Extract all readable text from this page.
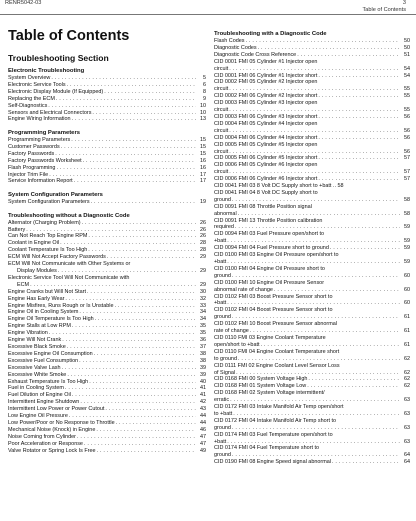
RENR5042-03	3
Table of Contents
Table of Contents
Troubleshooting Section
Electronic Troubleshooting
System Overview . . .	5
Electronic Service Tools . . .	6
Electronic Display Module (If Equipped) . . .	8
Replacing the ECM . . .	9
Self-Diagnostics . . .	10
Sensors and Electrical Connectors . . .	10
Engine Wiring Information . . .	13
Programming Parameters
Programming Parameters . . .	15
Customer Passwords . . .	15
Factory Passwords . . .	15
Factory Passwords Worksheet . . .	16
Flash Programming . . .	16
Injector Trim File . . .	17
Service Information Report . . .	17
System Configuration Parameters
System Configuration Parameters . . .	19
Troubleshooting without a Diagnostic Code
Alternator (Charging Problem) . . .	26
Battery . . .	26
Can Not Reach Top Engine RPM . . .	26
Coolant in Engine Oil . . .	28
Coolant Temperature Is Too High . . .	28
ECM Will Not Accept Factory Passwords . . .	29
ECM Will Not Communicate with Other Systems or
Display Modules . . .	29
Electronic Service Tool Will Not Communicate with
ECM . . .	29
Engine Cranks but Will Not Start . . .	30
Engine Has Early Wear . . .	32
Engine Misfires, Runs Rough or Is Unstable . . .	33
Engine Oil in Cooling System . . .	34
Engine Oil Temperature Is Too High . . .	34
Engine Stalls at Low RPM . . .	35
Engine Vibration . . .	35
Engine Will Not Crank . . .	36
Excessive Black Smoke . . .	37
Excessive Engine Oil Consumption . . .	38
Excessive Fuel Consumption . . .	38
Excessive Valve Lash . . .	39
Excessive White Smoke . . .	39
Exhaust Temperature Is Too High . . .	40
Fuel in Cooling System . . .	41
Fuel Dilution of Engine Oil . . .	41
Intermittent Engine Shutdown . . .	42
Intermittent Low Power or Power Cutout . . .	43
Low Engine Oil Pressure . . .	44
Low Power/Poor or No Response to Throttle . . .	44
Mechanical Noise (Knock) in Engine . . .	46
Noise Coming from Cylinder . . .	47
Poor Acceleration or Response . . .	47
Valve Rotator or Spring Lock Is Free . . .	49
Troubleshooting with a Diagnostic Code
Flash Codes . . .	50
Diagnostic Codes . . .	50
Diagnostic Code Cross Reference . . .	51
CID 0001 FMI 05 Cylinder #1 Injector open
circuit . . .	54
CID 0001 FMI 06 Cylinder #1 Injector short . . .	54
CID 0002 FMI 05 Cylinder #2 Injector open
circuit . . .	55
CID 0002 FMI 06 Cylinder #2 Injector short . . .	55
CID 0003 FMI 05 Cylinder #3 Injector open
circuit . . .	55
CID 0003 FMI 06 Cylinder #3 Injector short . . .	56
CID 0004 FMI 05 Cylinder #4 Injector open
circuit . . .	56
CID 0004 FMI 06 Cylinder #4 Injector short . . .	56
CID 0005 FMI 05 Cylinder #5 Injector open
circuit . . .	56
CID 0005 FMI 06 Cylinder #5 Injector short . . .	57
CID 0006 FMI 05 Cylinder #6 Injector open
circuit . . .	57
CID 0006 FMI 06 Cylinder #6 Injector short . . .	57
CID 0041 FMI 03 8 Volt DC Supply short to +batt .. 58
CID 0041 FMI 04 8 Volt DC Supply short to
ground . . .	58
CID 0091 FMI 08 Throttle Position signal
abnormal . . .	58
CID 0091 FMI 13 Throttle Position calibration
required . . .	59
CID 0094 FMI 03 Fuel Pressure open/short to
+batt . . .	59
CID 0094 FMI 04 Fuel Pressure short to ground . . .	59
CID 0100 FMI 03 Engine Oil Pressure open/short to
+batt . . .	59
CID 0100 FMI 04 Engine Oil Pressure short to
ground . . .	60
CID 0100 FMI 10 Engine Oil Pressure Sensor
abnormal rate of change . . .	60
CID 0102 FMI 03 Boost Pressure Sensor short to
+batt . . .	60
CID 0102 FMI 04 Boost Pressure Sensor short to
ground . . .	61
CID 0102 FMI 10 Boost Pressure Sensor abnormal
rate of change . . .	61
CID 0110 FMI 03 Engine Coolant Temperature
open/short to +batt . . .	61
CID 0110 FMI 04 Engine Coolant Temperature short
to ground . . .	62
CID 0111 FMI 02 Engine Coolant Level Sensor Loss
of Signal . . .	62
CID 0168 FMI 00 System Voltage High . . .	62
CID 0168 FMI 01 System Voltage Low . . .	62
CID 0168 FMI 02 System Voltage intermittent/
erratic . . .	63
CID 0172 FMI 03 Intake Manifold Air Temp open/short
to +batt . . .	63
CID 0172 FMI 04 Intake Manifold Air Temp short to
ground . . .	63
CID 0174 FMI 03 Fuel Temperature open/short to
+batt . . .	63
CID 0174 FMI 04 Fuel Temperature short to
ground . . .	64
CID 0190 FMI 08 Engine Speed signal abnormal . . .	64
